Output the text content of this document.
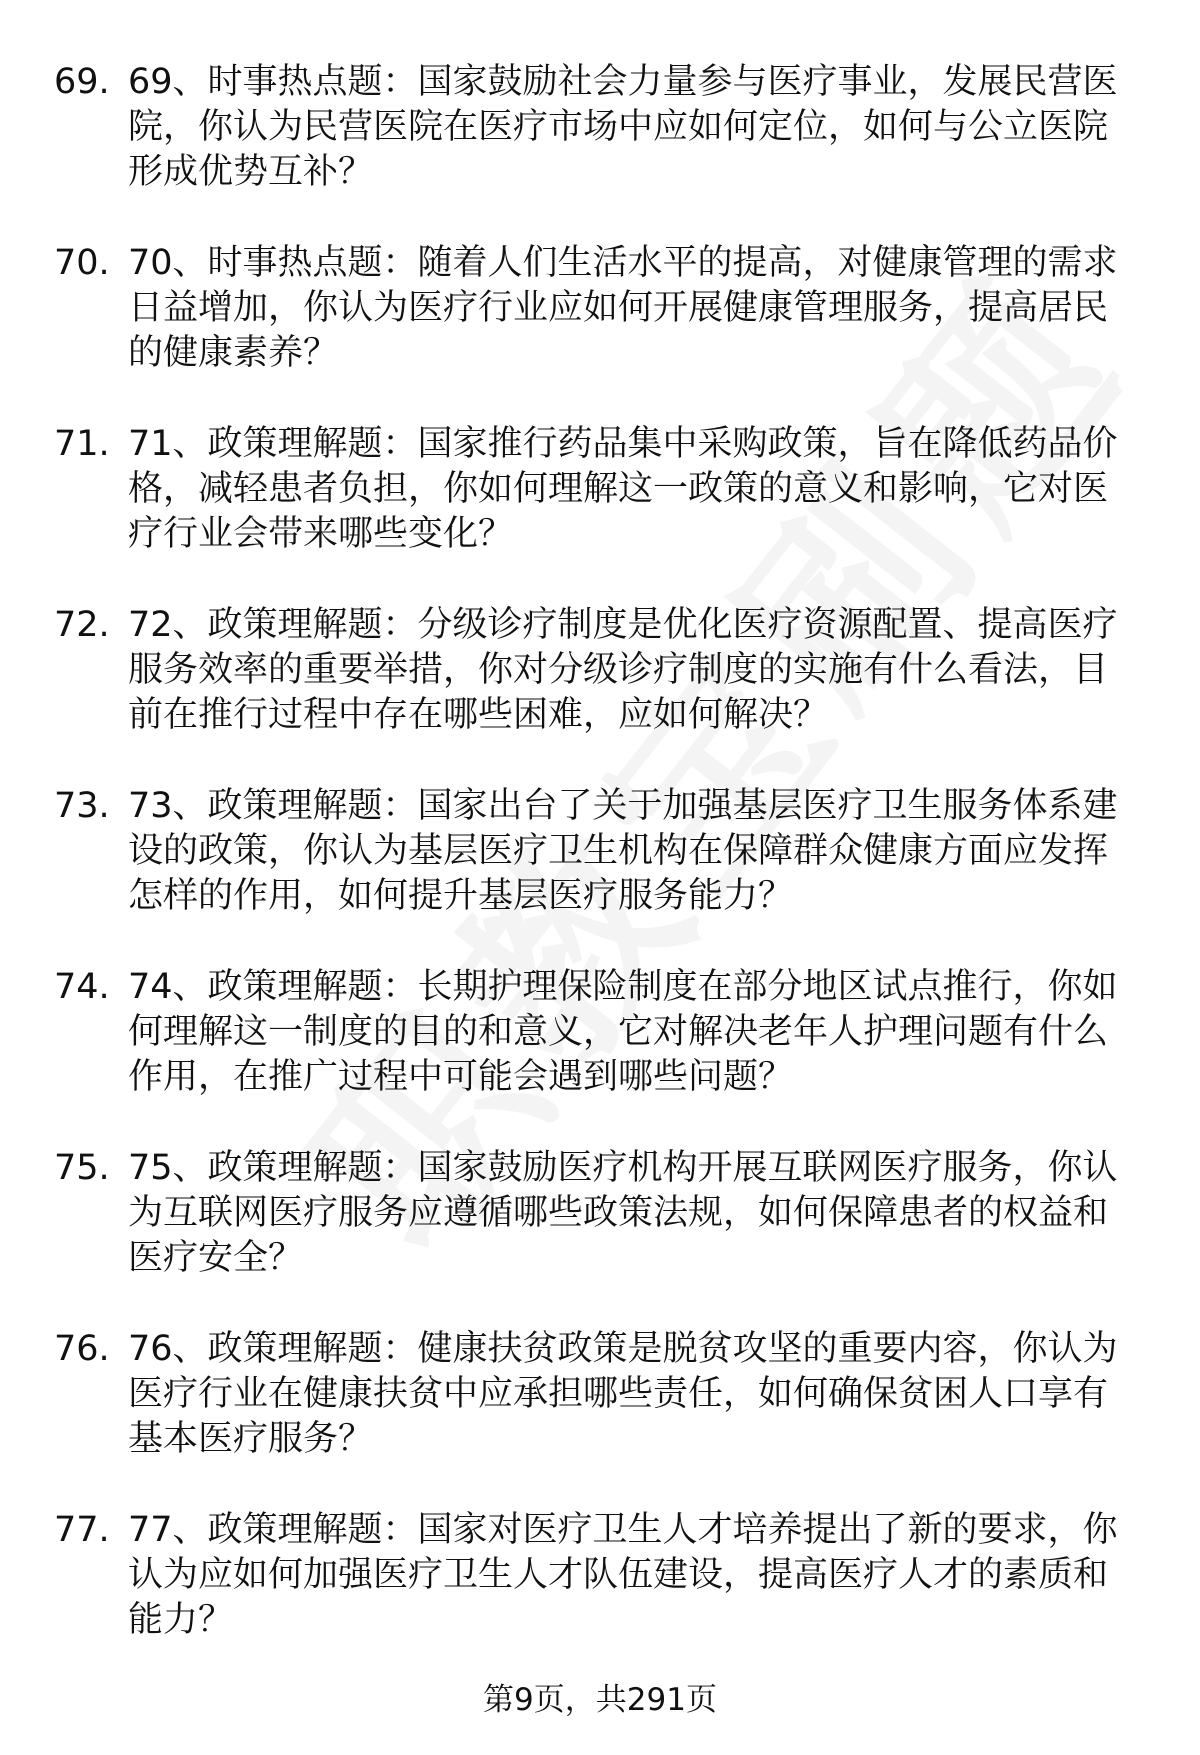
69. 69、时事热点题：国家鼓励社会力量参与医疗事业，发展民营医
院，你认为民营医院在医疗市场中应如何定位，如何与公立医院
形成优势互补？
70. 70、时事热点题：随着人们生活水平的提高，对健康管理的需求
日益增加，你认为医疗行业应如何开展健康管理服务，提高居民
的健康素养？
71. 71、政策理解题：国家推行药品集中采购政策，旨在降低药品价
格，减轻患者负担，你如何理解这一政策的意义和影响，它对医
疗行业会带来哪些变化？
72. 72、政策理解题：分级诊疗制度是优化医疗资源配置、提高医疗
服务效率的重要举措，你对分级诊疗制度的实施有什么看法，目
前在推行过程中存在哪些困难，应如何解决？
73. 73、政策理解题：国家出台了关于加强基层医疗卫生服务体系建
设的政策，你认为基层医疗卫生机构在保障群众健康方面应发挥
怎样的作用，如何提升基层医疗服务能力？
74. 74、政策理解题：长期护理保险制度在部分地区试点推行，你如
何理解这一制度的目的和意义，它对解决老年人护理问题有什么
作用，在推广过程中可能会遇到哪些问题？
75. 75、政策理解题：国家鼓励医疗机构开展互联网医疗服务，你认
为互联网医疗服务应遵循哪些政策法规，如何保障患者的权益和
医疗安全？
76. 76、政策理解题：健康扶贫政策是脱贫攻坚的重要内容，你认为
医疗行业在健康扶贫中应承担哪些责任，如何确保贫困人口享有
基本医疗服务？
77. 77、政策理解题：国家对医疗卫生人才培养提出了新的要求，你
认为应如何加强医疗卫生人才队伍建设，提高医疗人才的素质和
能力？
第9页，共291页
